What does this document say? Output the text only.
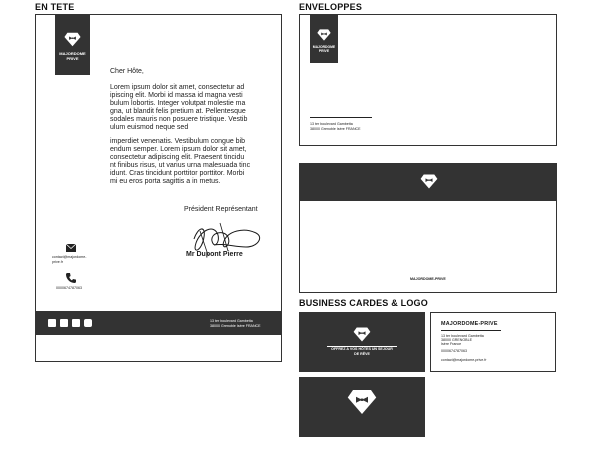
EN TETE	ENVELOPPES
BUSINESS CARDES & LOGO
MAJORDOME
PRIVE
Cher Hôte,
Lorem ipsum dolor sit amet, consectetur ad
ipiscing elit. Morbi id massa id magna vesti
bulum lobortis. Integer volutpat molestie ma
gna, ut blandit felis pretium at. Pellentesque
sodales mauris non posuere tristique. Vestib
ulum euismod neque sed
imperdiet venenatis. Vestibulum congue bib
endum semper. Lorem ipsum dolor sit amet,
consectetur adipiscing elit. Praesent tincidu
nt finibus risus, ut varius urna malesuada tinc
idunt. Cras tincidunt porttitor porttitor. Morbi
mi eu eros porta sagittis a in metus.
Président Représentant
Mr Dupont Pierre
contact@majordome-prive.fr
0000674787063
13 ter boulevard Gambetta
38000 Grenoble Isère FRANCE
MAJORDOME
PRIVE
13 ter boulevard Gambetta
38000 Grenoble Isère FRANCE
MAJORDOME-PRIVE
OFFREZ A VOS HÔTES UN SEJOUR
DE RÊVE
MAJORDOME-PRIVE
13 ter boulevard Gambetta
38000 GRENOBLE
Isère France
0000674787063
contact@majordome-prive.fr
